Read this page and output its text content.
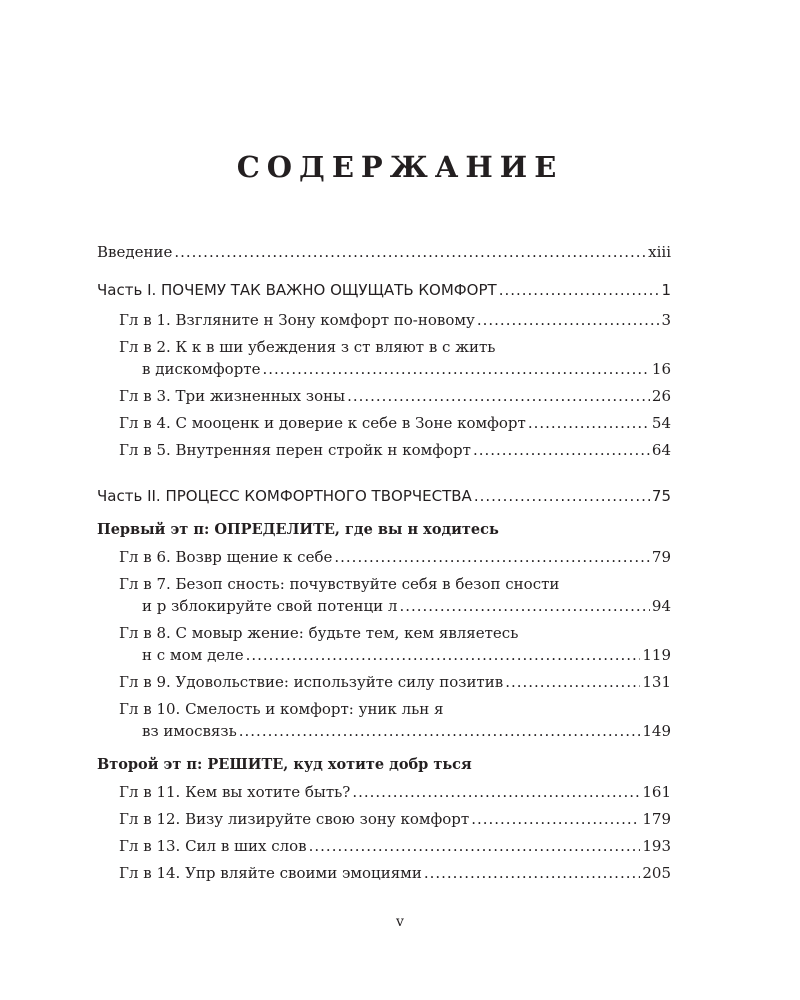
СОДЕРЖАНИЕ
Введение .....	xiii
Часть I. ПОЧЕМУ ТАК ВАЖНО ОЩУЩАТЬ КОМФОРТ .....	1
Гл в 1. Взгляните н Зону комфорт по-новому .....	3
Гл в 2. К к в ши убеждения з ст вляют в с жить
в дискомфорте .....	16
Гл в 3. Три жизненных зоны .....	26
Гл в 4. С мооценк и доверие к себе в Зоне комфорт .....	54
Гл в 5. Внутренняя перен стройк н комфорт .....	64
Часть II. ПРОЦЕСС КОМФОРТНОГО ТВОРЧЕСТВА .....	75
Первый эт п: ОПРЕДЕЛИТЕ, где вы н ходитесь
Гл в 6. Возвр щение к себе .....	79
Гл в 7. Безоп сность: почувствуйте себя в безоп сности
и р зблокируйте свой потенци л .....	94
Гл в 8. С мовыр жение: будьте тем, кем являетесь
н с мом деле .....	119
Гл в 9. Удовольствие: используйте силу позитив .....	131
Гл в 10. Смелость и комфорт: уник льн я
вз имосвязь .....	149
Второй эт п: РЕШИТЕ, куд хотите добр ться
Гл в 11. Кем вы хотите быть? .....	161
Гл в 12. Визу лизируйте свою зону комфорт .....	179
Гл в 13. Сил в ших слов .....	193
Гл в 14. Упр вляйте своими эмоциями .....	205
v
